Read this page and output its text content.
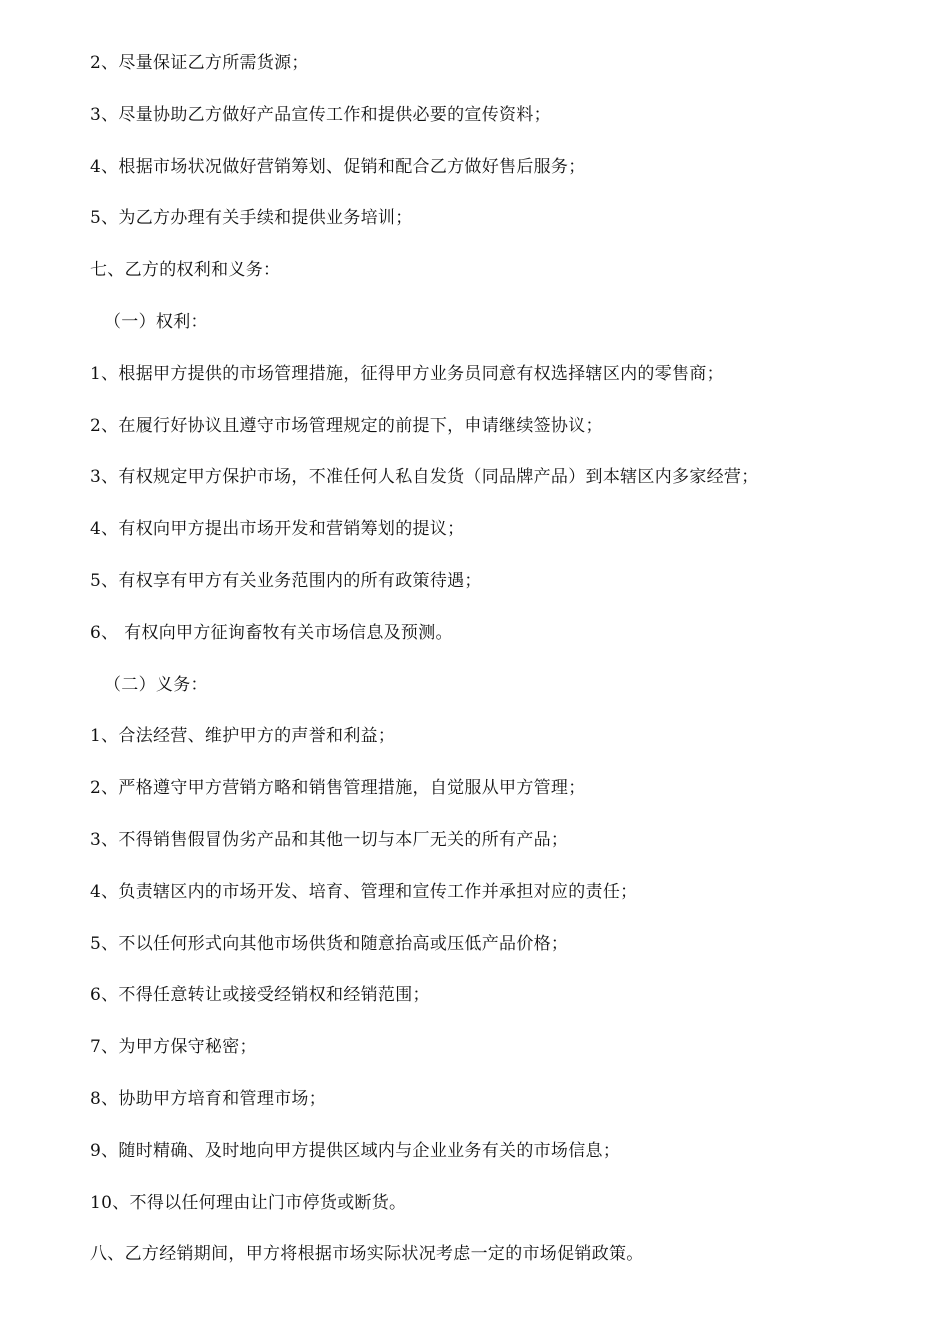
2、尽量保证乙方所需货源；
3、尽量协助乙方做好产品宣传工作和提供必要的宣传资料；
4、根据市场状况做好营销筹划、促销和配合乙方做好售后服务；
5、为乙方办理有关手续和提供业务培训；
七、乙方的权利和义务：
（一）权利：
1、根据甲方提供的市场管理措施，征得甲方业务员同意有权选择辖区内的零售商；
2、在履行好协议且遵守市场管理规定的前提下，申请继续签协议；
3、有权规定甲方保护市场，不准任何人私自发货（同品牌产品）到本辖区内多家经营；
4、有权向甲方提出市场开发和营销筹划的提议；
5、有权享有甲方有关业务范围内的所有政策待遇；
6、 有权向甲方征询畜牧有关市场信息及预测。
（二）义务：
1、合法经营、维护甲方的声誉和利益；
2、严格遵守甲方营销方略和销售管理措施，自觉服从甲方管理；
3、不得销售假冒伪劣产品和其他一切与本厂无关的所有产品；
4、负责辖区内的市场开发、培育、管理和宣传工作并承担对应的责任；
5、不以任何形式向其他市场供货和随意抬高或压低产品价格；
6、不得任意转让或接受经销权和经销范围；
7、为甲方保守秘密；
8、协助甲方培育和管理市场；
9、随时精确、及时地向甲方提供区域内与企业业务有关的市场信息；
10、不得以任何理由让门市停货或断货。
八、乙方经销期间，甲方将根据市场实际状况考虑一定的市场促销政策。
